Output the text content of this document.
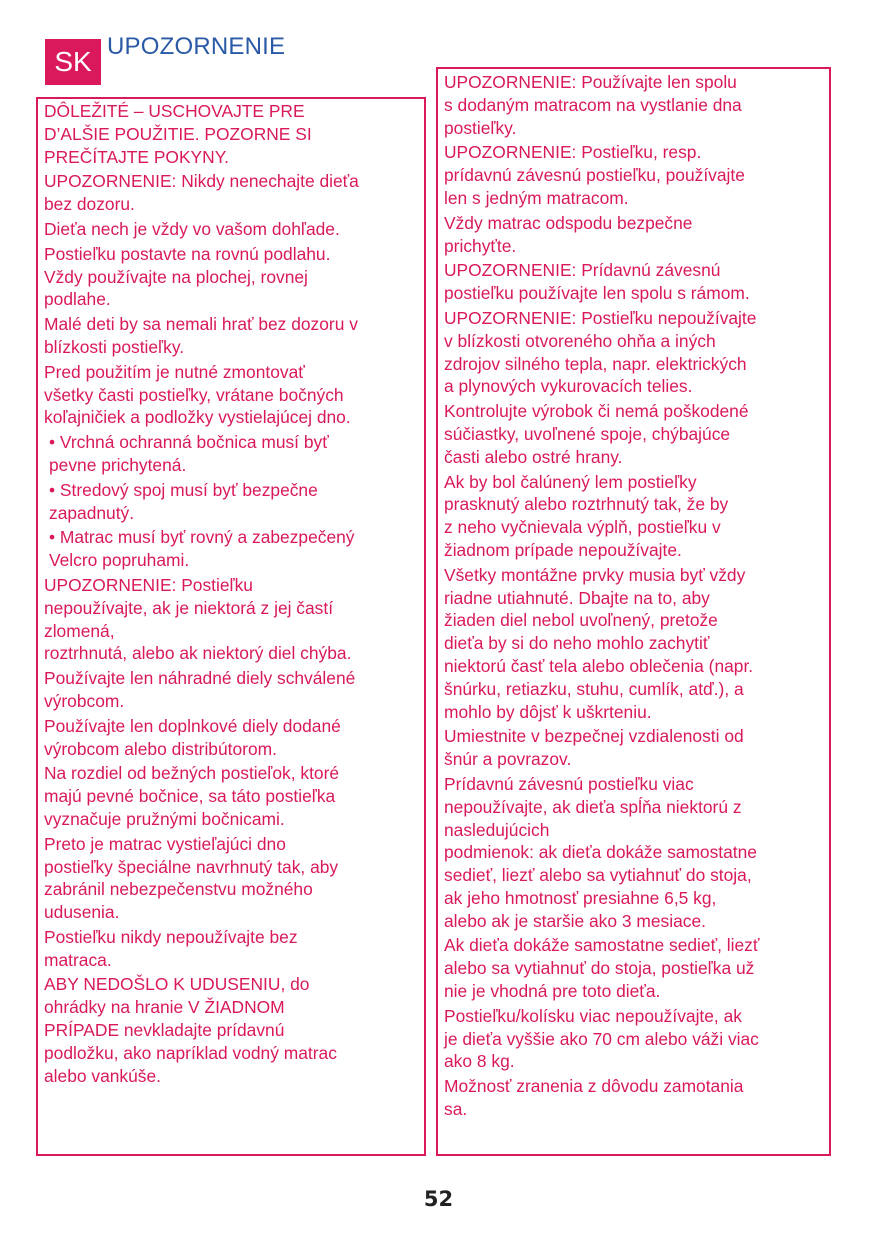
SK UPOZORNENIE

DÔLEŽITÉ – USCHOVAJTE PRE
D’ALŠIE POUŽITIE. POZORNE SI
PREČÍTAJTE POKYNY.

UPOZORNENIE: Nikdy nenechajte dieťa
bez dozoru.

Dieťa nech je vždy vo vašom dohľade.

Postieľku postavte na rovnú podlahu.
Vždy používajte na plochej, rovnej
podlahe.

Malé deti by sa nemali hrať bez dozoru v
blízkosti postieľky.

Pred použitím je nutné zmontovať
všetky časti postieľky, vrátane bočných
koľajničiek a podložky vystielajúcej dno.

• Vrchná ochranná bočnica musí byť
pevne prichytená.

• Stredový spoj musí byť bezpečne
zapadnutý.

• Matrac musí byť rovný a zabezpečený
Velcro popruhami.

UPOZORNENIE: Postieľku
nepoužívajte, ak je niektorá z jej častí
zlomená,
roztrhnutá, alebo ak niektorý diel chýba.

Používajte len náhradné diely schválené
výrobcom.

Používajte len doplnkové diely dodané
výrobcom alebo distribútorom.

Na rozdiel od bežných postieľok, ktoré
majú pevné bočnice, sa táto postieľka
vyznačuje pružnými bočnicami.

Preto je matrac vystieľajúci dno
postieľky špeciálne navrhnutý tak, aby
zabránil nebezpečenstvu možného
udusenia.

Postieľku nikdy nepoužívajte bez
matraca.

ABY NEDOŠLO K UDUSENIU, do
ohrádky na hranie V ŽIADNOM
PRÍPADE nevkladajte prídavnú
podložku, ako napríklad vodný matrac
alebo vankúše.

UPOZORNENIE: Používajte len spolu
s dodaným matracom na vystlanie dna
postieľky.

UPOZORNENIE: Postieľku, resp.
prídavnú závesnú postieľku, používajte
len s jedným matracom.

Vždy matrac odspodu bezpečne
prichyťte.

UPOZORNENIE: Prídavnú závesnú
postieľku používajte len spolu s rámom.

UPOZORNENIE: Postieľku nepoužívajte
v blízkosti otvoreného ohňa a iných
zdrojov silného tepla, napr. elektrických
a plynových vykurovacích telies.

Kontrolujte výrobok či nemá poškodené
súčiastky, uvoľnené spoje, chýbajúce
časti alebo ostré hrany.

Ak by bol čalúnený lem postieľky
prasknutý alebo roztrhnutý tak, že by
z neho vyčnievala výplň, postieľku v
žiadnom prípade nepoužívajte.

Všetky montážne prvky musia byť vždy
riadne utiahnuté. Dbajte na to, aby
žiaden diel nebol uvoľnený, pretože
dieťa by si do neho mohlo zachytiť
niektorú časť tela alebo oblečenia (napr.
šnúrku, retiazku, stuhu, cumlík, atď.), a
mohlo by dôjsť k uškrteniu.

Umiestnite v bezpečnej vzdialenosti od
šnúr a povrazov.

Prídavnú závesnú postieľku viac
nepoužívajte, ak dieťa spĺňa niektorú z
nasledujúcich
podmienok: ak dieťa dokáže samostatne
sedieť, liezť alebo sa vytiahnuť do stoja,
ak jeho hmotnosť presiahne 6,5 kg,
alebo ak je staršie ako 3 mesiace.

Ak dieťa dokáže samostatne sedieť, liezť
alebo sa vytiahnuť do stoja, postieľka už
nie je vhodná pre toto dieťa.

Postieľku/kolísku viac nepoužívajte, ak
je dieťa vyššie ako 70 cm alebo váži viac
ako 8 kg.

Možnosť zranenia z dôvodu zamotania
sa.

52
